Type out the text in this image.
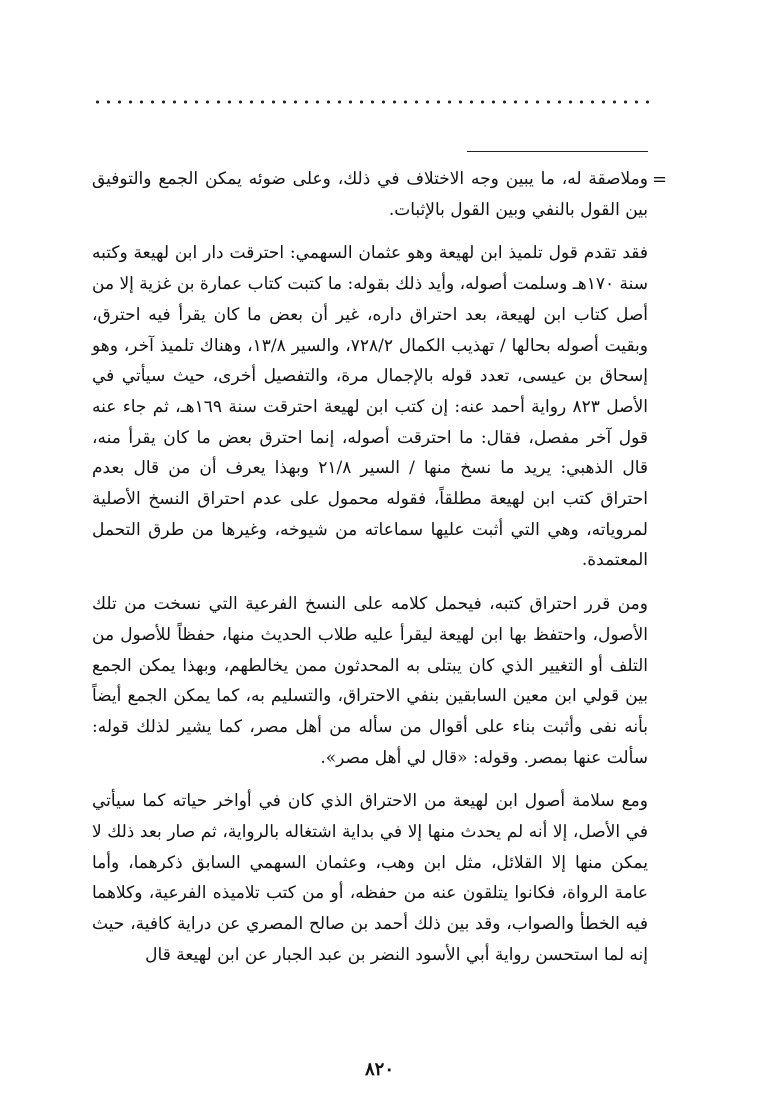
=

وملاصقة له، ما يبين وجه الاختلاف في ذلك، وعلى ضوئه يمكن الجمع والتوفيق بين القول بالنفي وبين القول بالإثبات.

فقد تقدم قول تلميذ ابن لهيعة وهو عثمان السهمي: احترقت دار ابن لهيعة وكتبه سنة ١٧٠هـ وسلمت أصوله، وأيد ذلك بقوله: ما كتبت كتاب عمارة بن غزية إلا من أصل كتاب ابن لهيعة، بعد احتراق داره، غير أن بعض ما كان يقرأ فيه احترق، وبقيت أصوله بحالها / تهذيب الكمال ٧٢٨/٢، والسير ١٣/٨، وهناك تلميذ آخر، وهو إسحاق بن عيسى، تعدد قوله بالإجمال مرة، والتفصيل أخرى، حيث سيأتي في الأصل ٨٢٣ رواية أحمد عنه: إن كتب ابن لهيعة احترقت سنة ١٦٩هـ، ثم جاء عنه قول آخر مفصل، فقال: ما احترقت أصوله، إنما احترق بعض ما كان يقرأ منه، قال الذهبي: يريد ما نسخ منها / السير ٢١/٨ وبهذا يعرف أن من قال بعدم احتراق كتب ابن لهيعة مطلقاً، فقوله محمول على عدم احتراق النسخ الأصلية لمروياته، وهي التي أثبت عليها سماعاته من شيوخه، وغيرها من طرق التحمل المعتمدة.

ومن قرر احتراق كتبه، فيحمل كلامه على النسخ الفرعية التي نسخت من تلك الأصول، واحتفظ بها ابن لهيعة ليقرأ عليه طلاب الحديث منها، حفظاً للأصول من التلف أو التغيير الذي كان يبتلى به المحدثون ممن يخالطهم، وبهذا يمكن الجمع بين قولي ابن معين السابقين بنفي الاحتراق، والتسليم به، كما يمكن الجمع أيضاً بأنه نفى وأثبت بناء على أقوال من سأله من أهل مصر، كما يشير لذلك قوله: سألت عنها بمصر. وقوله: «قال لي أهل مصر».

ومع سلامة أصول ابن لهيعة من الاحتراق الذي كان في أواخر حياته كما سيأتي في الأصل، إلا أنه لم يحدث منها إلا في بداية اشتغاله بالرواية، ثم صار بعد ذلك لا يمكن منها إلا القلائل، مثل ابن وهب، وعثمان السهمي السابق ذكرهما، وأما عامة الرواة، فكانوا يتلقون عنه من حفظه، أو من كتب تلاميذه الفرعية، وكلاهما فيه الخطأ والصواب، وقد بين ذلك أحمد بن صالح المصري عن دراية كافية، حيث إنه لما استحسن رواية أبي الأسود النضر بن عبد الجبار عن ابن لهيعة قال

٨٢٠
